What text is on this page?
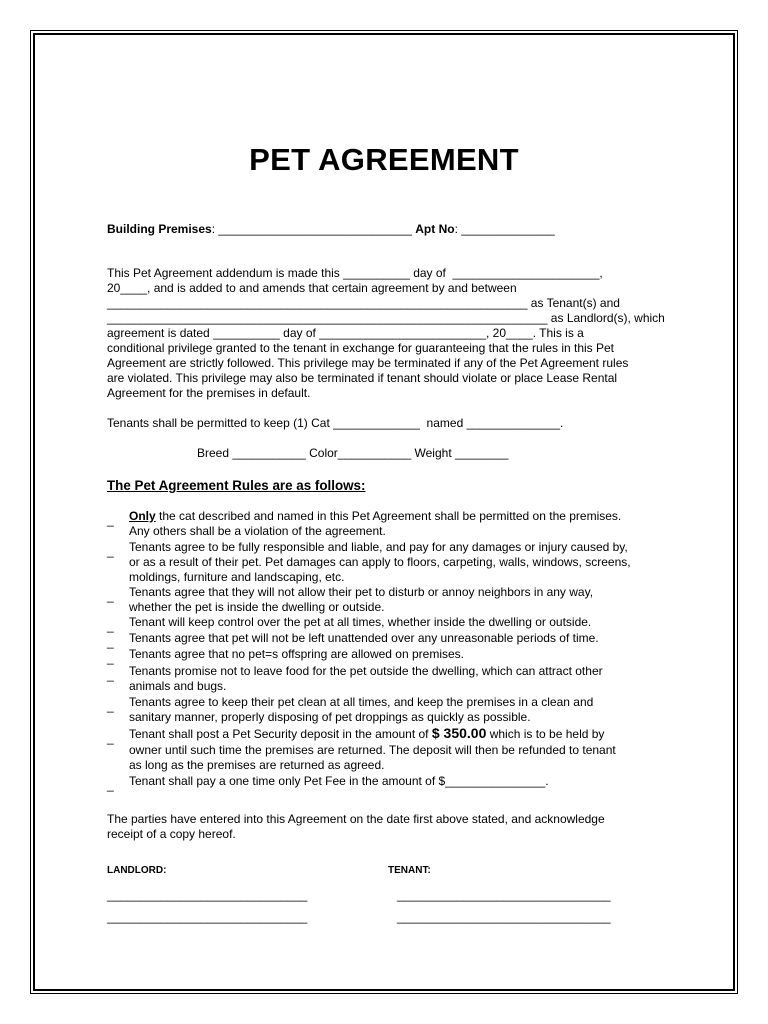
PET AGREEMENT
Building Premises: _____________________________ Apt No: ______________
This Pet Agreement addendum is made this __________ day of  ______________________,
20____, and is added to and amends that certain agreement by and between
_______________________________________________________________ as Tenant(s) and
__________________________________________________________________ as Landlord(s), which
agreement is dated __________ day of _________________________, 20____. This is a
conditional privilege granted to the tenant in exchange for guaranteeing that the rules in this Pet
Agreement are strictly followed. This privilege may be terminated if any of the Pet Agreement rules
are violated. This privilege may also be terminated if tenant should violate or place Lease Rental
Agreement for the premises in default.
Tenants shall be permitted to keep (1) Cat _____________  named ______________.
Breed ___________ Color___________ Weight ________
The Pet Agreement Rules are as follows:
_ Only the cat described and named in this Pet Agreement shall be permitted on the premises.
Any others shall be a violation of the agreement.
_ Tenants agree to be fully responsible and liable, and pay for any damages or injury caused by,
or as a result of their pet. Pet damages can apply to floors, carpeting, walls, windows, screens,
moldings, furniture and landscaping, etc.
_ Tenants agree that they will not allow their pet to disturb or annoy neighbors in any way,
whether the pet is inside the dwelling or outside.
_ Tenant will keep control over the pet at all times, whether inside the dwelling or outside.
_ Tenants agree that pet will not be left unattended over any unreasonable periods of time.
_ Tenants agree that no pet=s offspring are allowed on premises.
_ Tenants promise not to leave food for the pet outside the dwelling, which can attract other
animals and bugs.
_ Tenants agree to keep their pet clean at all times, and keep the premises in a clean and
sanitary manner, properly disposing of pet droppings as quickly as possible.
_ Tenant shall post a Pet Security deposit in the amount of $ 350.00 which is to be held by
owner until such time the premises are returned. The deposit will then be refunded to tenant
as long as the premises are returned as agreed.
_ Tenant shall pay a one time only Pet Fee in the amount of $_______________.
The parties have entered into this Agreement on the date first above stated, and acknowledge
receipt of a copy hereof.
LANDLORD:	TENANT:
______________________________
______________________________
________________________________
________________________________
